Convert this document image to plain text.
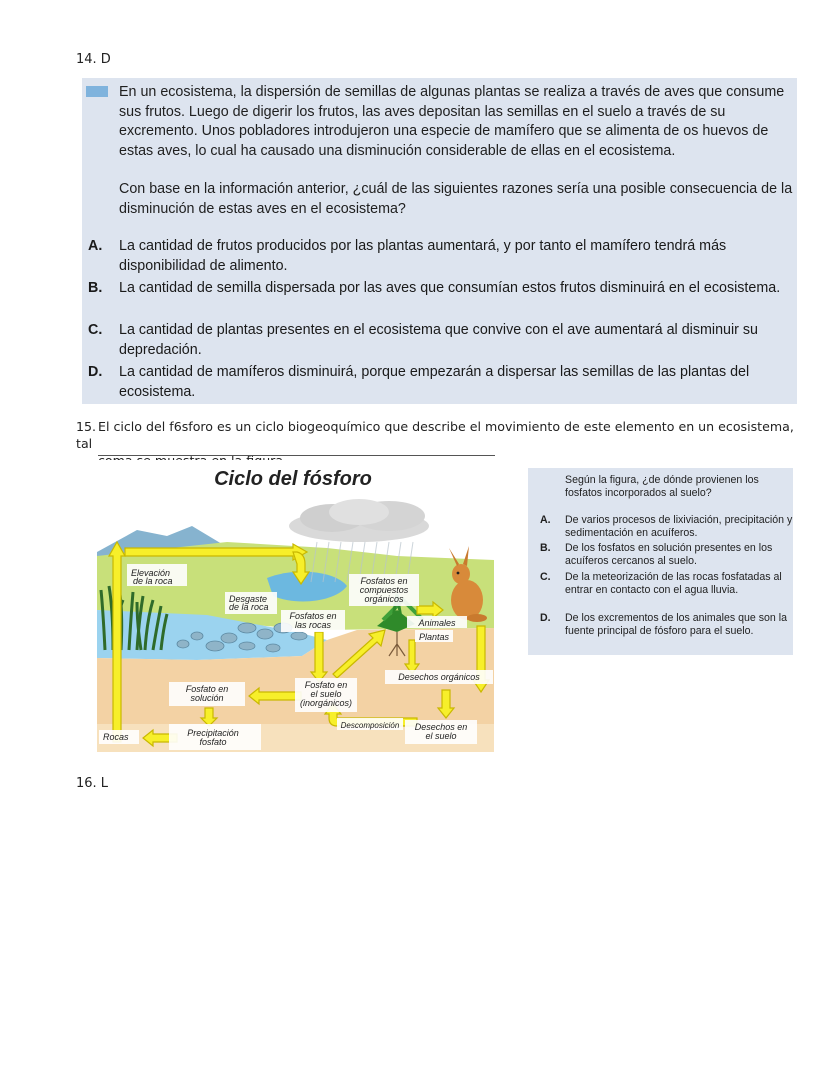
14. D
En un ecosistema, la dispersión de semillas de algunas plantas se realiza a través de aves que consume sus frutos. Luego de digerir los frutos, las aves depositan las semillas en el suelo a través de su excremento. Unos pobladores introdujeron una especie de mamífero que se alimenta de os huevos de estas aves, lo cual ha causado una disminución considerable de ellas en el ecosistema.
Con base en la información anterior, ¿cuál de las siguientes razones sería una posible consecuencia de la disminución de estas aves en el ecosistema?
A.	La cantidad de frutos producidos por las plantas aumentará, y por tanto el mamífero tendrá más disponibilidad de alimento.
B.	La cantidad de semilla dispersada por las aves que consumían estos frutos disminuirá en el ecosistema.
C.	La cantidad de plantas presentes en el ecosistema que convive con el ave aumentará al disminuir su depredación.
D.	La cantidad de mamíferos disminuirá, porque empezarán a dispersar las semillas de las plantas del ecosistema.
15. El ciclo del f6sforo es un ciclo biogeoquímico que describe el movimiento de este elemento en un ecosistema, tal
Ciclo del fósforo
Elevación
de la roca
Desgaste
de la roca
Fosfatos en
compuestos
orgánicos
Fosfatos en
las rocas	Animales
Plantas
Desechos orgánicos
Fosfato en
el suelo
(inorgánicos)
Fosfato en
solución
Descomposición Desechos en
el suelo
Rocas	Precipitación
fosfato
Según la figura, ¿de dónde provienen los fosfatos incorporados al suelo?
A. De varios procesos de lixiviación, precipitación y sedimentación en acuíferos.
B. De los fosfatos en solución presentes en los acuíferos cercanos al suelo.
C. De la meteorización de las rocas fosfatadas al entrar en contacto con el agua lluvia.
D. De los excrementos de los animales que son la fuente principal de fósforo para el suelo.
16. L
